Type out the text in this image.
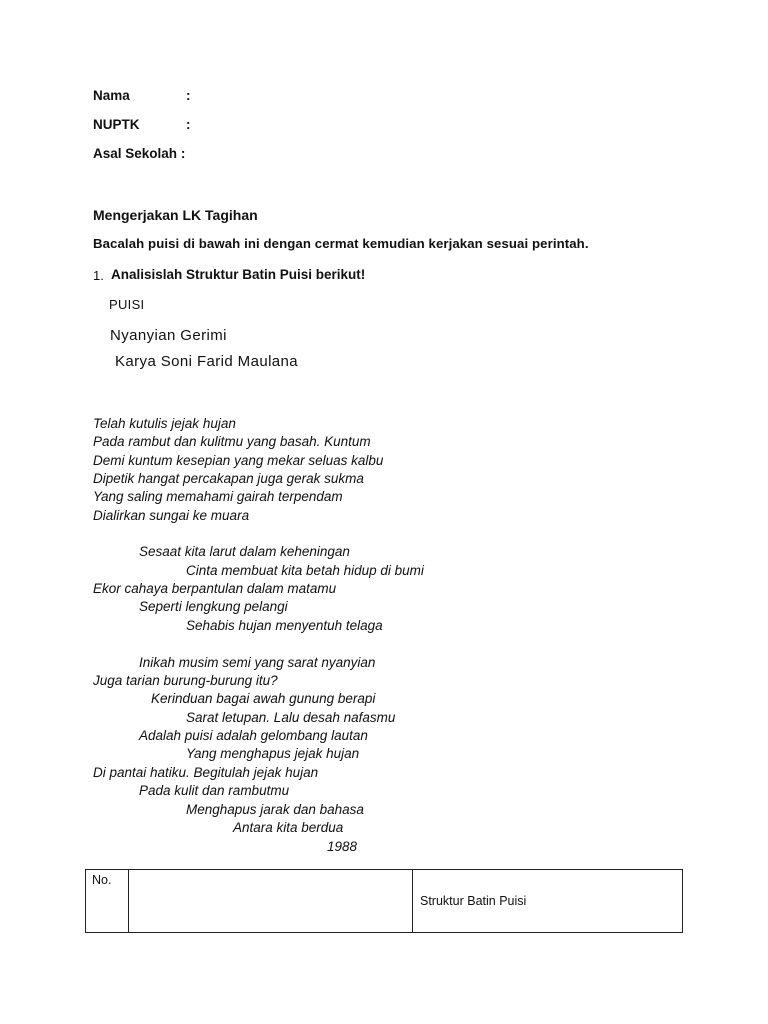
Nama	:
NUPTK	:
Asal Sekolah :
Mengerjakan LK Tagihan
Bacalah puisi di bawah ini dengan cermat kemudian kerjakan sesuai perintah.
1. Analisislah Struktur Batin Puisi berikut!
PUISI
Nyanyian Gerimi
Karya Soni Farid Maulana
Telah kutulis jejak hujan
Pada rambut dan kulitmu yang basah. Kuntum
Demi kuntum kesepian yang mekar seluas kalbu
Dipetik hangat percakapan juga gerak sukma
Yang saling memahami gairah terpendam
Dialirkan sungai ke muara
Sesaat kita larut dalam keheningan
Cinta membuat kita betah hidup di bumi
Ekor cahaya berpantulan dalam matamu
Seperti lengkung pelangi
Sehabis hujan menyentuh telaga
Inikah musim semi yang sarat nyanyian
Juga tarian burung-burung itu?
Kerinduan bagai awah gunung berapi
Sarat letupan. Lalu desah nafasmu
Adalah puisi adalah gelombang lautan
Yang menghapus jejak hujan
Di pantai hatiku. Begitulah jejak hujan
Pada kulit dan rambutmu
Menghapus jarak dan bahasa
Antara kita berdua
1988
No.		Struktur Batin Puisi
